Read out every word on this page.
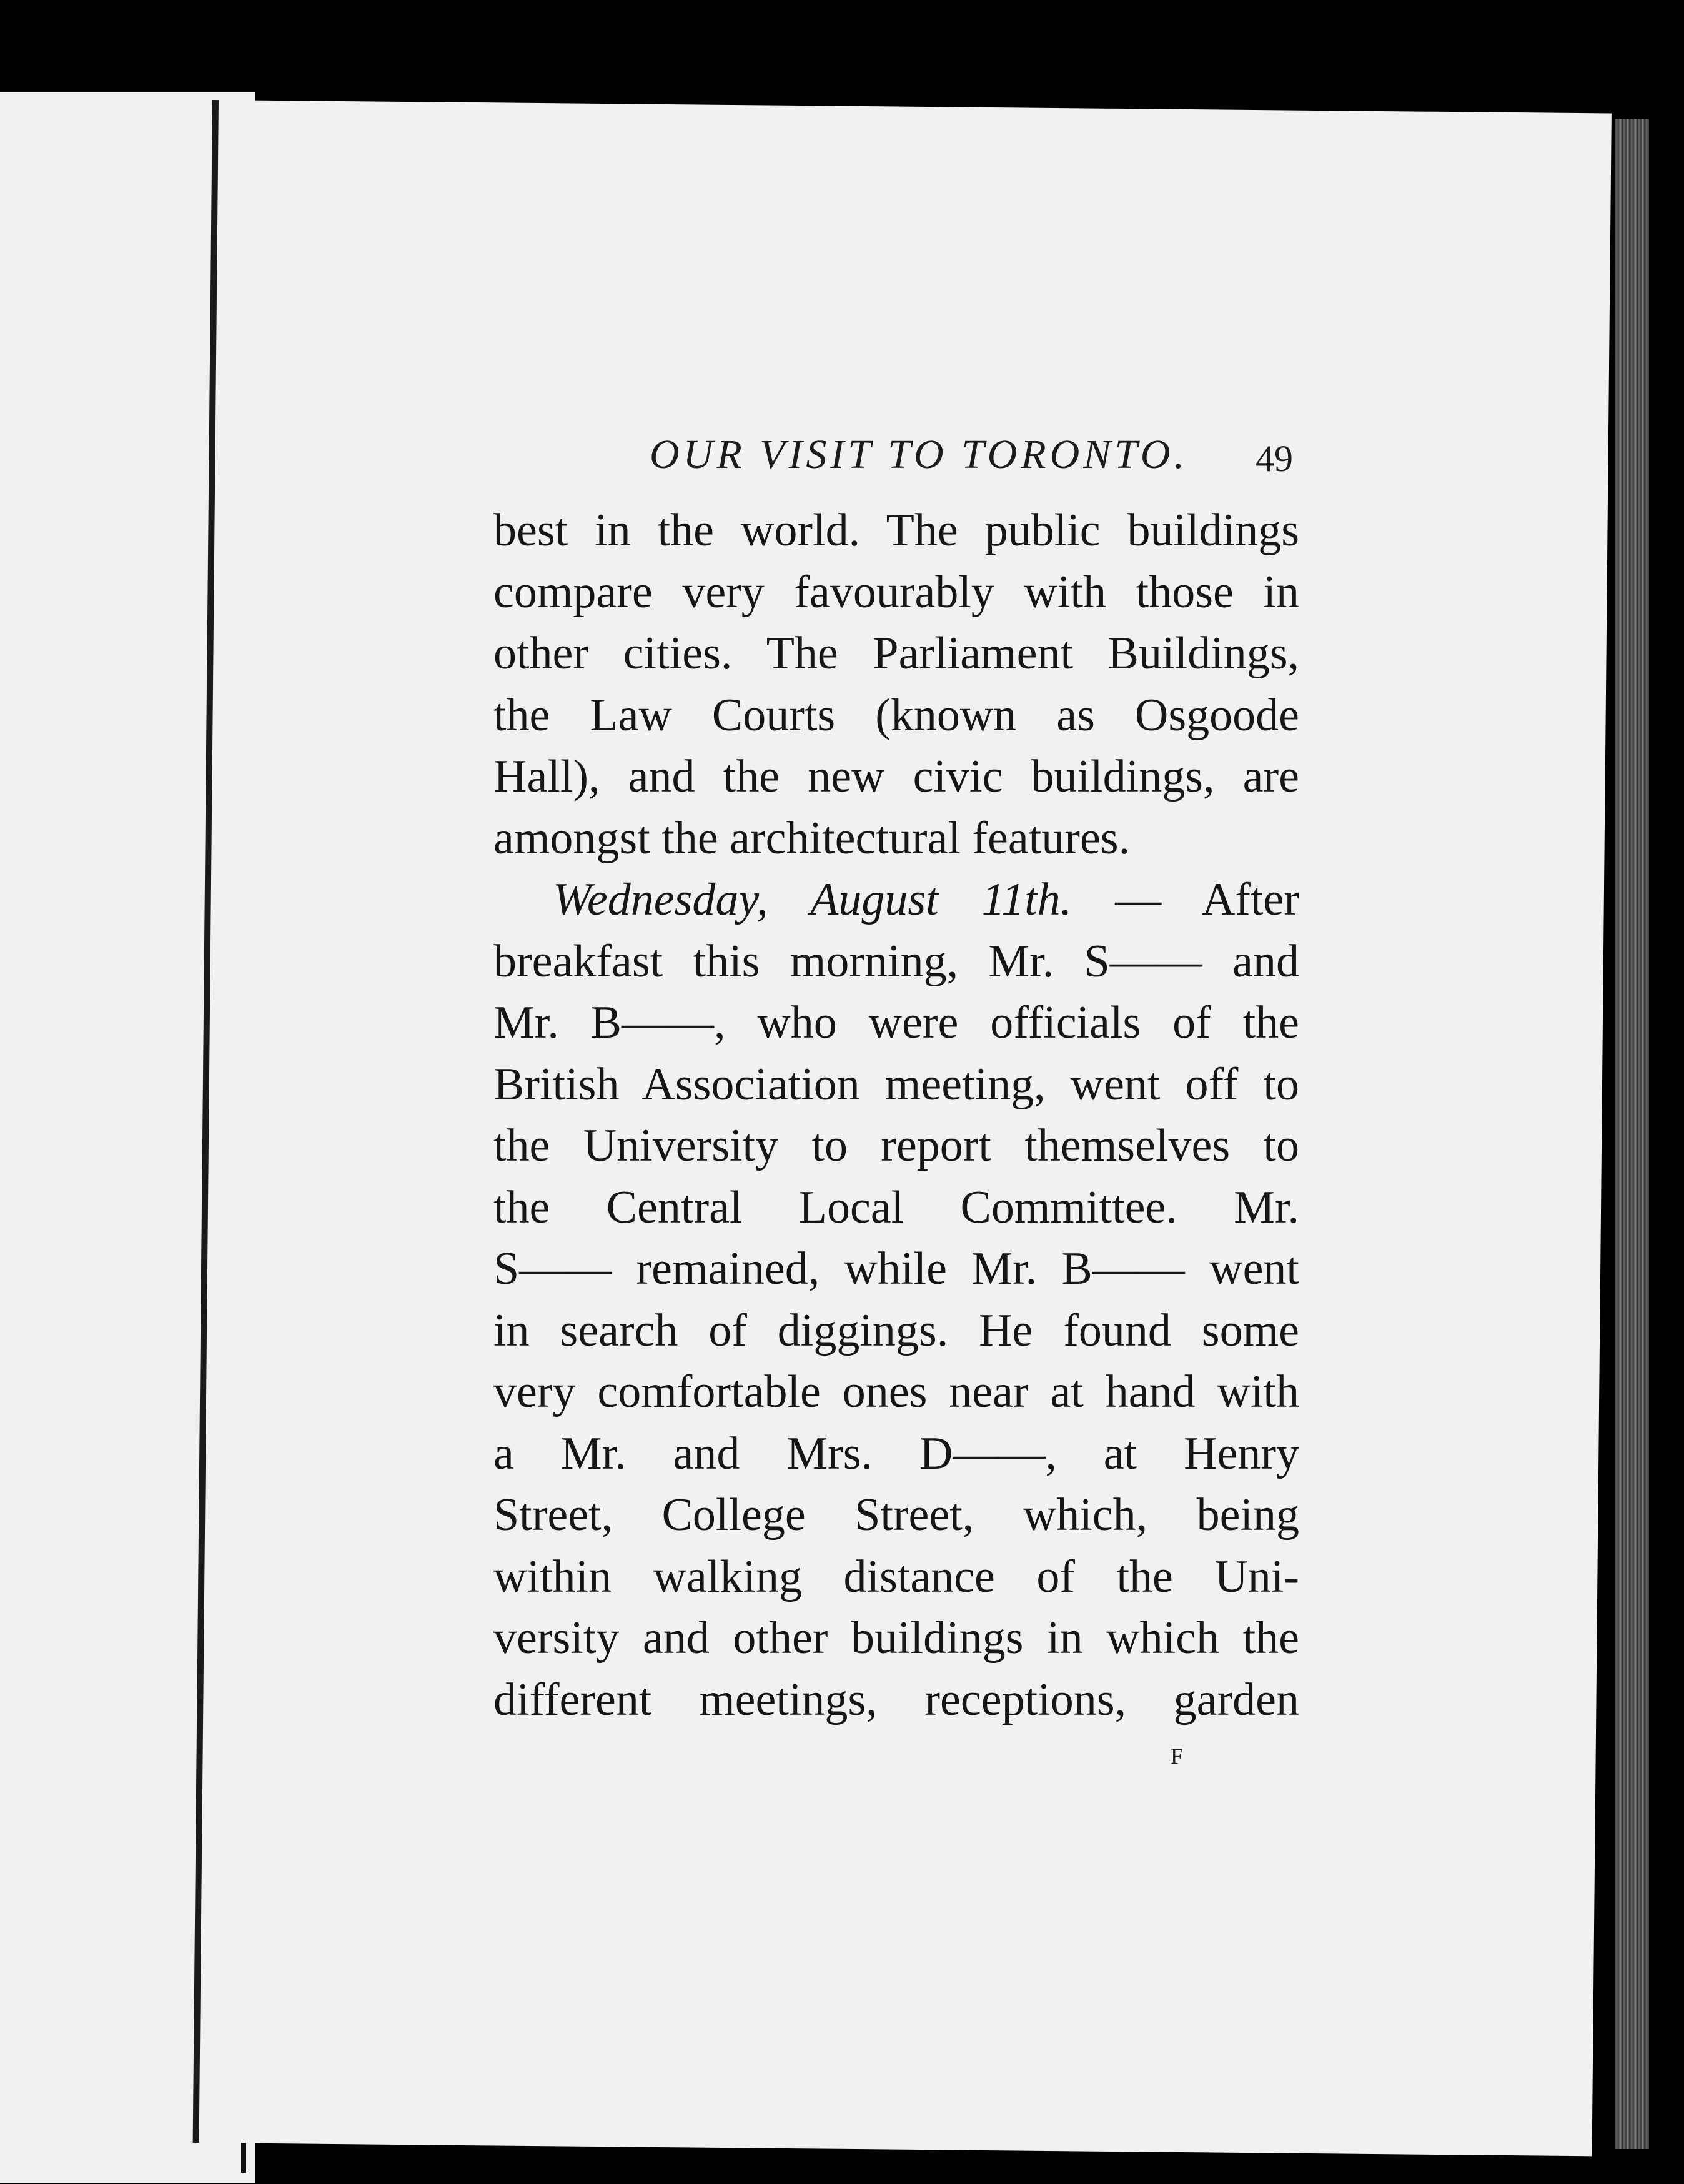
OUR VISIT TO TORONTO. 49
best in the world. The public buildings
compare very favourably with those in
other cities. The Parliament Buildings,
the Law Courts (known as Osgoode
Hall), and the new civic buildings, are
amongst the architectural features.
Wednesday, August 11th. — After
breakfast this morning, Mr. S—— and
Mr. B——, who were officials of the
British Association meeting, went off to
the University to report themselves to
the Central Local Committee. Mr.
S—— remained, while Mr. B—— went
in search of diggings. He found some
very comfortable ones near at hand with
a Mr. and Mrs. D——, at Henry
Street, College Street, which, being
within walking distance of the Uni-
versity and other buildings in which the
different meetings, receptions, garden
F
